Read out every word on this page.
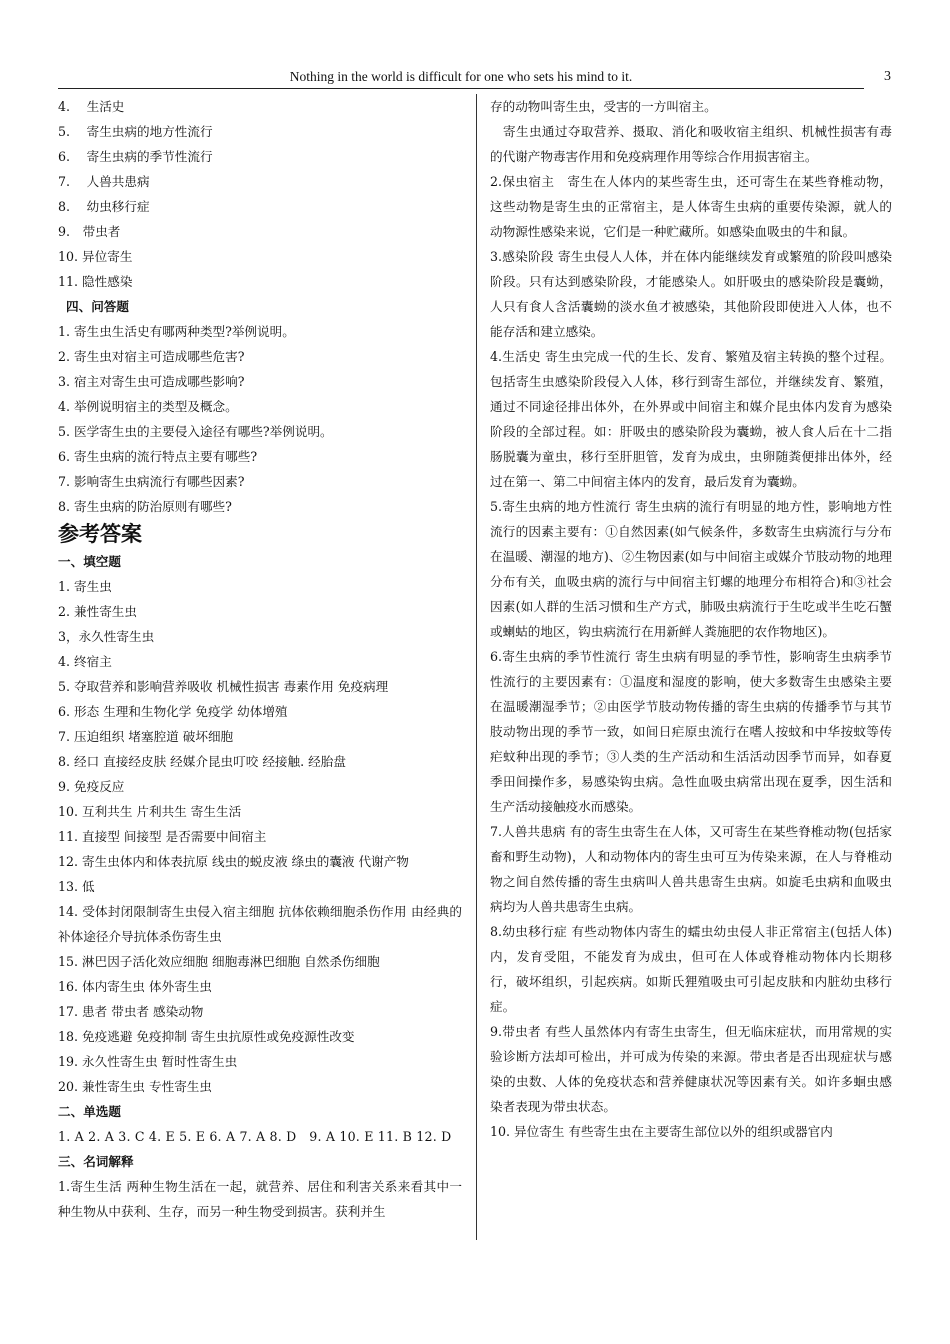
Nothing in the world is difficult for one who sets his mind to it.	3
4.　 生活史
5.　 寄生虫病的地方性流行
6.　 寄生虫病的季节性流行
7.　 人兽共患病
8.　 幼虫移行症
9.　带虫者
10. 异位寄生
11. 隐性感染
四、问答题
1. 寄生虫生活史有哪两种类型?举例说明。
2. 寄生虫对宿主可造成哪些危害?
3. 宿主对寄生虫可造成哪些影响?
4. 举例说明宿主的类型及概念。
5. 医学寄生虫的主要侵入途径有哪些?举例说明。
6. 寄生虫病的流行特点主要有哪些?
7. 影响寄生虫病流行有哪些因素?
8. 寄生虫病的防治原则有哪些?
参考答案
一、填空题
1. 寄生虫
2. 兼性寄生虫
3，永久性寄生虫
4. 终宿主
5. 夺取营养和影响营养吸收 机械性损害 毒素作用 免疫病理
6. 形态 生理和生物化学 免疫学 幼体增殖
7. 压迫组织 堵塞腔道 破坏细胞
8. 经口 直接经皮肤 经媒介昆虫叮咬 经接触. 经胎盘
9. 免疫反应
10. 互利共生 片利共生 寄生生活
11. 直接型 间接型 是否需要中间宿主
12. 寄生虫体内和体表抗原 线虫的蜕皮液 绦虫的囊液 代谢产物
13. 低
14. 受体封闭限制寄生虫侵入宿主细胞 抗体依赖细胞杀伤作用 由经典的补体途径介导抗体杀伤寄生虫
15. 淋巴因子活化效应细胞 细胞毒淋巴细胞 自然杀伤细胞
16. 体内寄生虫 体外寄生虫
17. 患者 带虫者 感染动物
18. 免疫逃避 免疫抑制 寄生虫抗原性或免疫源性改变
19. 永久性寄生虫 暂时性寄生虫
20. 兼性寄生虫 专性寄生虫
二、单选题
1. A 2. A 3. C 4. E 5. E 6. A 7. A 8. D　9. A 10. E 11. B 12. D
三、名词解释
1.寄生生活 两种生物生活在一起，就营养、居住和利害关系来看其中一种生物从中获利、生存，而另一种生物受到损害。获利并生
存的动物叫寄生虫，受害的一方叫宿主。
　寄生虫通过夺取营养、摄取、消化和吸收宿主组织、机械性损害有毒的代谢产物毒害作用和免疫病理作用等综合作用损害宿主。
2.保虫宿主　寄生在人体内的某些寄生虫，还可寄生在某些脊椎动物，这些动物是寄生虫的正常宿主，是人体寄生虫病的重要传染源，就人的动物源性感染来说，它们是一种贮藏所。如感染血吸虫的牛和鼠。
3.感染阶段 寄生虫侵人人体，并在体内能继续发育或繁殖的阶段叫感染阶段。只有达到感染阶段，才能感染人。如肝吸虫的感染阶段是囊蚴，人只有食人含活囊蚴的淡水鱼才被感染，其他阶段即使进入人体，也不能存活和建立感染。
4.生活史 寄生虫完成一代的生长、发育、繁殖及宿主转换的整个过程。包括寄生虫感染阶段侵入人体，移行到寄生部位，并继续发育、繁殖，通过不同途径排出体外，在外界或中间宿主和媒介昆虫体内发育为感染阶段的全部过程。如：肝吸虫的感染阶段为囊蚴，被人食人后在十二指肠脱囊为童虫，移行至肝胆管，发育为成虫，虫卵随粪便排出体外，经过在第一、第二中间宿主体内的发育，最后发育为囊蚴。
5.寄生虫病的地方性流行 寄生虫病的流行有明显的地方性，影响地方性流行的因素主要有：①自然因素(如气候条件，多数寄生虫病流行与分布在温暖、潮湿的地方)、②生物因素(如与中间宿主或媒介节肢动物的地理分布有关，血吸虫病的流行与中间宿主钉螺的地理分布相符合)和③社会因素(如人群的生活习惯和生产方式，肺吸虫病流行于生吃或半生吃石蟹或蝲蛄的地区，钩虫病流行在用新鲜人粪施肥的农作物地区)。
6.寄生虫病的季节性流行 寄生虫病有明显的季节性，影响寄生虫病季节性流行的主要因素有：①温度和湿度的影响，使大多数寄生虫感染主要在温暖潮湿季节；②由医学节肢动物传播的寄生虫病的传播季节与其节肢动物出现的季节一致，如间日疟原虫流行在嗜人按蚊和中华按蚊等传疟蚊种出现的季节；③人类的生产活动和生活活动因季节而异，如春夏季田间操作多，易感染钩虫病。急性血吸虫病常出现在夏季，因生活和生产活动接触疫水而感染。
7.人兽共患病 有的寄生虫寄生在人体，又可寄生在某些脊椎动物(包括家畜和野生动物)，人和动物体内的寄生虫可互为传染来源，在人与脊椎动物之间自然传播的寄生虫病叫人兽共患寄生虫病。如旋毛虫病和血吸虫病均为人兽共患寄生虫病。
8.幼虫移行症 有些动物体内寄生的蠕虫幼虫侵人非正常宿主(包括人体)内，发育受阻，不能发育为成虫，但可在人体或脊椎动物体内长期移行，破坏组织，引起疾病。如斯氏狸殖吸虫可引起皮肤和内脏幼虫移行症。
9.带虫者 有些人虽然体内有寄生虫寄生，但无临床症状，而用常规的实验诊断方法却可检出，并可成为传染的来源。带虫者是否出现症状与感染的虫数、人体的免疫状态和营养健康状况等因素有关。如许多蛔虫感染者表现为带虫状态。
10. 异位寄生 有些寄生虫在主要寄生部位以外的组织或器官内
